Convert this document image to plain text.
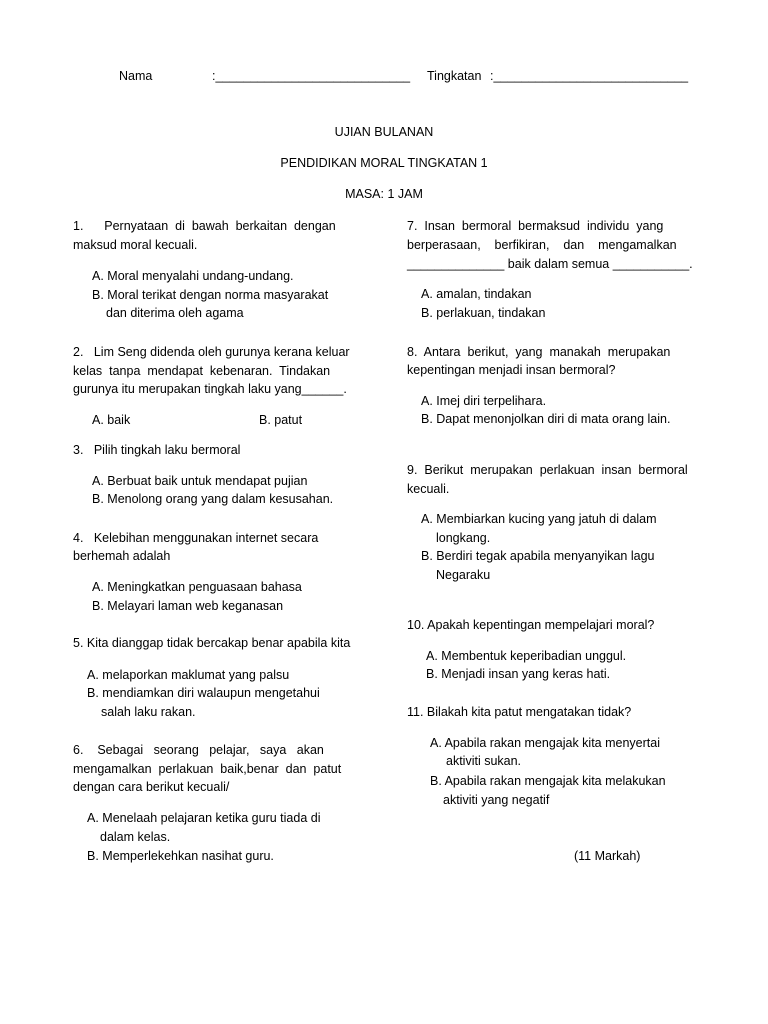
Nama	:____________________________ Tingkatan :____________________________
UJIAN BULANAN
PENDIDIKAN MORAL TINGKATAN 1
MASA: 1 JAM
1.      Pernyataan  di  bawah  berkaitan  dengan
maksud moral kecuali.
A. Moral menyalahi undang-undang.
B. Moral terikat dengan norma masyarakat
dan diterima oleh agama
2.   Lim Seng didenda oleh gurunya kerana keluar
kelas  tanpa  mendapat  kebenaran.  Tindakan
gurunya itu merupakan tingkah laku yang______.
A. baik	B. patut
3.   Pilih tingkah laku bermoral
A. Berbuat baik untuk mendapat pujian
B. Menolong orang yang dalam kesusahan.
4.   Kelebihan menggunakan internet secara
berhemah adalah
A. Meningkatkan penguasaan bahasa
B. Melayari laman web keganasan
5. Kita dianggap tidak bercakap benar apabila kita
A. melaporkan maklumat yang palsu
B. mendiamkan diri walaupun mengetahui
salah laku rakan.
6.    Sebagai   seorang   pelajar,   saya   akan
mengamalkan  perlakuan  baik,benar  dan  patut
dengan cara berikut kecuali/
A. Menelaah pelajaran ketika guru tiada di
dalam kelas.
B. Memperlekehkan nasihat guru.
7.  Insan  bermoral  bermaksud  individu  yang
berperasaan,    berfikiran,    dan    mengamalkan
______________ baik dalam semua ___________.
A. amalan, tindakan
B. perlakuan, tindakan
8.  Antara  berikut,  yang  manakah  merupakan
kepentingan menjadi insan bermoral?
A. Imej diri terpelihara.
B. Dapat menonjolkan diri di mata orang lain.
9.  Berikut  merupakan  perlakuan  insan  bermoral
kecuali.
A. Membiarkan kucing yang jatuh di dalam
longkang.
B. Berdiri tegak apabila menyanyikan lagu
Negaraku
10. Apakah kepentingan mempelajari moral?
A. Membentuk keperibadian unggul.
B. Menjadi insan yang keras hati.
11. Bilakah kita patut mengatakan tidak?
A. Apabila rakan mengajak kita menyertai
aktiviti sukan.
B. Apabila rakan mengajak kita melakukan
aktiviti yang negatif
(11 Markah)
